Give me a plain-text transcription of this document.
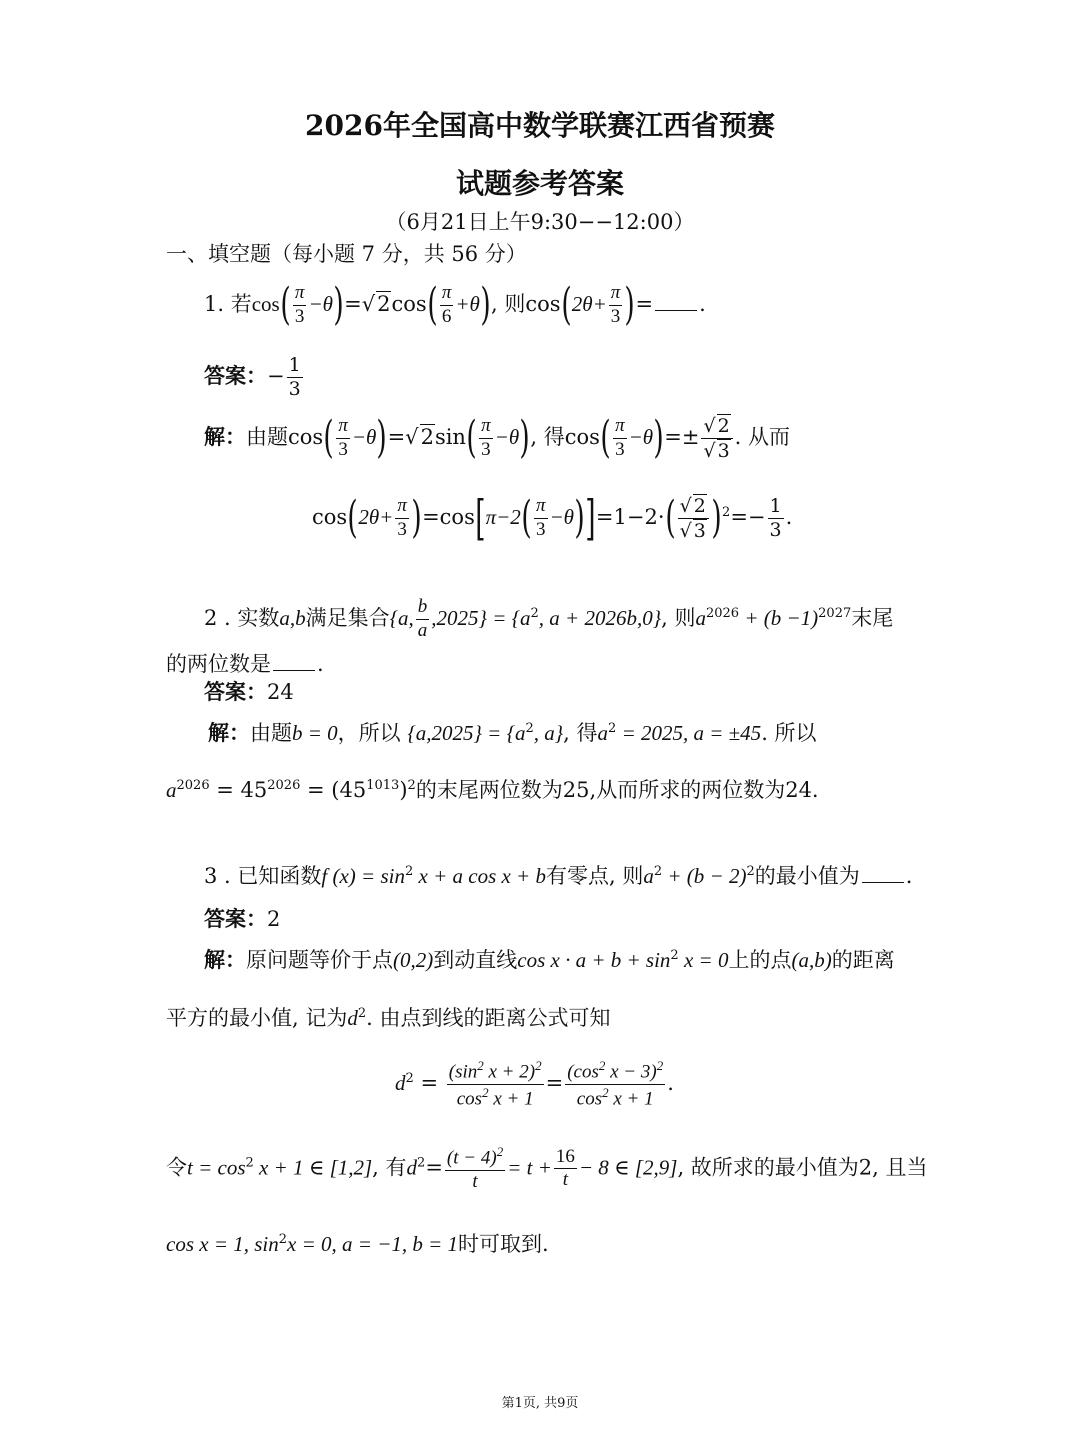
2026年全国高中数学联赛江西省预赛
试题参考答案
（6月21日上午9:30−−12:00）
一、填空题（每小题 7 分，共 56 分）
1. 若$\cos( \frac{\pi}{3} -\theta)=√2\cos( \frac{\pi}{6} +\theta)$, 则$\cos(2\theta+ \frac{\pi}{3}$ )= .
答案：− $\frac{1}{3}$
解：由题$\cos( \frac{\pi}{3} -\theta)=√2\sin( \frac{\pi}{3} -\theta)$, 得$\cos( \frac{\pi}{3} -\theta)=\pm \frac{√ 2}{√ 3}$ . 从而
$\cos(2\theta+ \frac{\pi}{3} )=\cos[\pi-2( \frac{\pi}{3} -\theta)]=1-2\cdot( \frac{√ 2}{√ 3} )^2=- \frac{1}{3}$ .
2 . 实数a,b满足集合{a, $\frac{b}{a} ,2025\} = \{a^2$, a + 2026b,0}, 则$a^{2026} + (b -1)^{2027}$末尾
的两位数是 .
答案：24
解：由题b = 0，所以 $\{a,2025\} = \{a^2$, a}, 得$a^2 = 2025$, a = ±45. 所以
$a^{2026} = 45^{2026} = (45^{1013})^2$的末尾两位数为25,从而所求的两位数为24.
3 . 已知函数f $(x) = \sin^2 x + a$ cos x + b有零点, 则$a^2 + (b - 2)^2$的最小值为 .
答案：2
解：原问题等价于点(0,2)到动直线$\cos x \cdot a + b + \sin^2 x = 0$上的点(a,b)的距离
平方的最小值, 记为$d^2$. 由点到线的距离公式可知
$d^2 = \frac{(\sin^2 x + 2)^2}{\cos^2 x + 1} = \frac{(\cos^2 x - 3)^2}{\cos^2 x + 1}$ .
令$t = \cos^2 x + 1$ ∈ [1,2], 有$d^2= \frac{(t - 4)^2}{t} = t + \frac{16}{t} - 8$ ∈ [2,9], 故所求的最小值为2, 且当
cos x = 1, $\sin^2x = 0$, a = −1, b = 1时可取到.
第1页, 共9页
